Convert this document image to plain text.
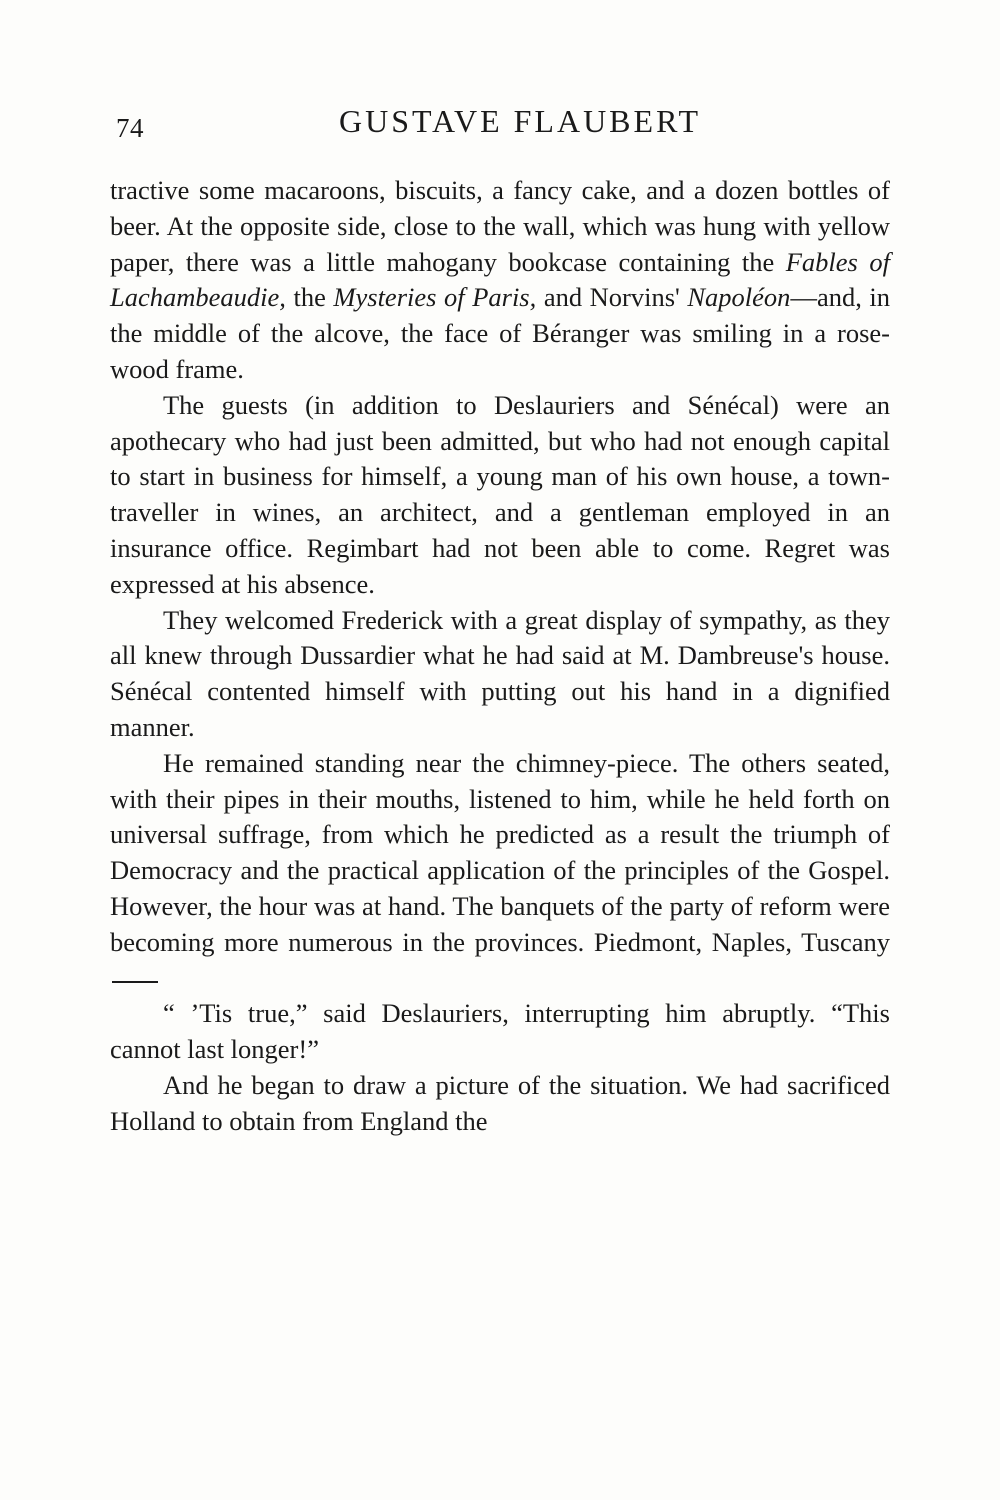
74	GUSTAVE FLAUBERT

tractive some macaroons, biscuits, a fancy cake, and a dozen bottles of beer. At the opposite side, close to the wall, which was hung with yellow paper, there was a little mahogany bookcase containing the Fables of Lachambeaudie, the Mysteries of Paris, and Norvins' Napoléon—and, in the middle of the alcove, the face of Béranger was smiling in a rose-wood frame.

The guests (in addition to Deslauriers and Sénécal) were an apothecary who had just been admitted, but who had not enough capital to start in business for himself, a young man of his own house, a town-traveller in wines, an architect, and a gentleman employed in an insurance office. Regimbart had not been able to come. Regret was expressed at his absence.

They welcomed Frederick with a great display of sympathy, as they all knew through Dussardier what he had said at M. Dambreuse's house. Sénécal contented himself with putting out his hand in a dignified manner.

He remained standing near the chimney-piece. The others seated, with their pipes in their mouths, listened to him, while he held forth on universal suffrage, from which he predicted as a result the triumph of Democracy and the practical application of the principles of the Gospel. However, the hour was at hand. The banquets of the party of reform were becoming more numerous in the provinces. Piedmont, Naples, Tuscany

“ ’Tis true,” said Deslauriers, interrupting him abruptly. “This cannot last longer!”

And he began to draw a picture of the situation. We had sacrificed Holland to obtain from England the
